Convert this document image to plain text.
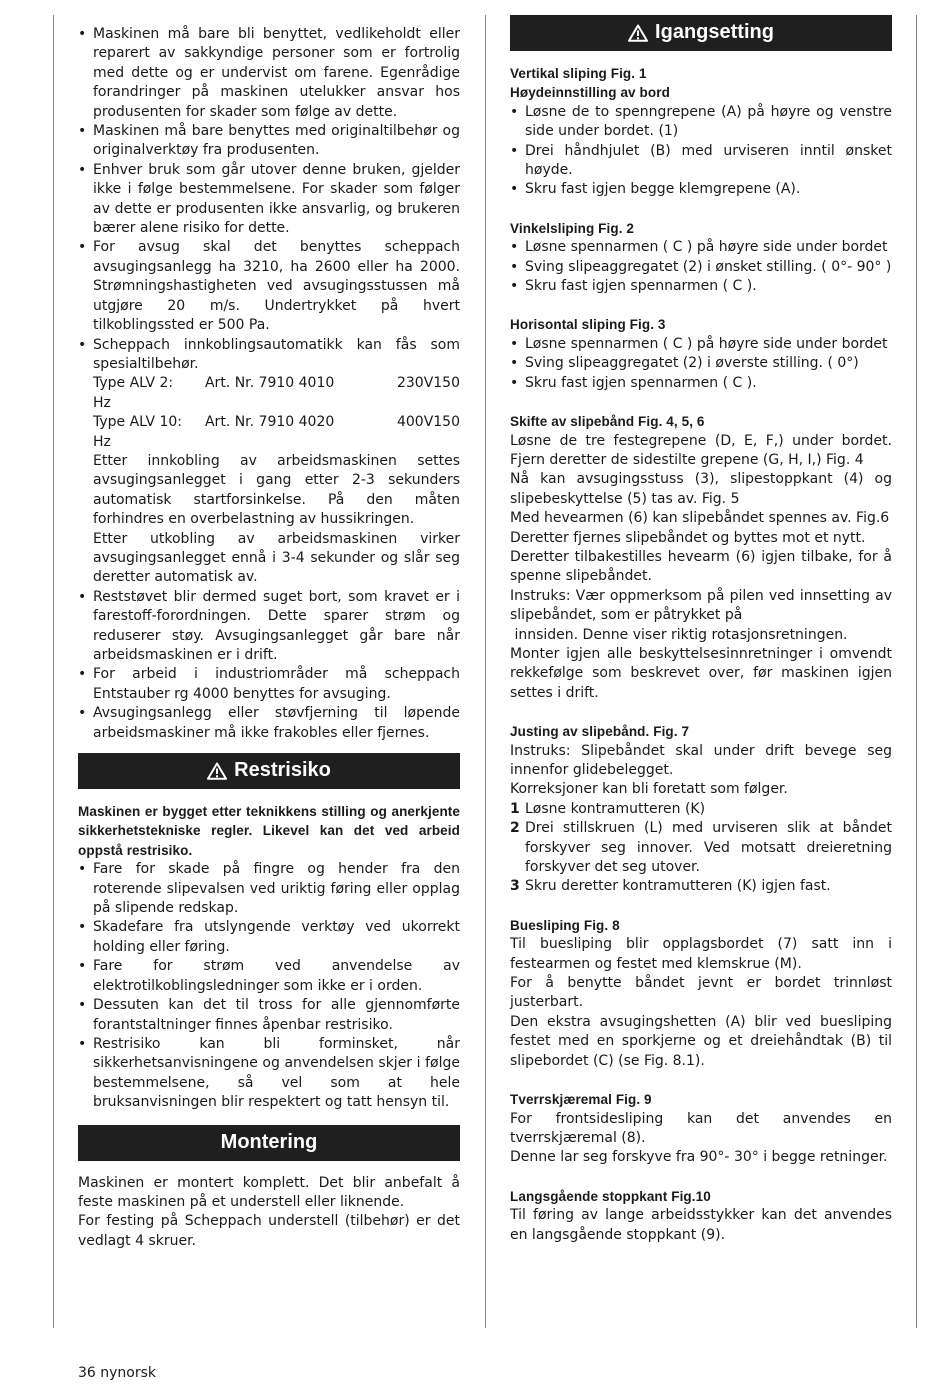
• Maskinen må bare bli benyttet, vedlikeholdt eller reparert av sakkyndige personer som er fortrolig med dette og er undervist om farene. Egenrådige forandringer på maskinen utelukker ansvar hos produsenten for skader som følge av dette.
• Maskinen må bare benyttes med originaltilbehør og originalverktøy fra produsenten.
• Enhver bruk som går utover denne bruken, gjelder ikke i følge bestemmelsene. For skader som følger av dette er produsenten ikke ansvarlig, og brukeren bærer alene risiko for dette.
• For avsug skal det benyttes scheppach avsugingsanlegg ha 3210, ha 2600 eller ha 2000. Strømningshastigheten ved avsugingsstussen må utgjøre 20 m/s. Undertrykket på hvert tilkoblingssted er 500 Pa.
• Scheppach innkoblingsautomatikk kan fås som spesialtilbehør.
Type ALV 2:	Art. Nr. 7910 4010	230V150
Hz
Type ALV 10:	Art. Nr. 7910 4020	400V150
Hz
Etter innkobling av arbeidsmaskinen settes avsugingsanlegget i gang etter 2-3 sekunders automatisk startforsinkelse. På den måten forhindres en overbelastning av hussikringen.
Etter utkobling av arbeidsmaskinen virker avsugingsanlegget ennå i 3-4 sekunder og slår seg deretter automatisk av.
• Reststøvet blir dermed suget bort, som kravet er i farestoff-forordningen. Dette sparer strøm og reduserer støy. Avsugingsanlegget går bare når arbeidsmaskinen er i drift.
• For arbeid i industriområder må scheppach Entstauber rg 4000 benyttes for avsuging.
• Avsugingsanlegg eller støvfjerning til løpende arbeidsmaskiner må ikke frakobles eller fjernes.
Restrisiko
Maskinen er bygget etter teknikkens stilling og anerkjente sikkerhetstekniske regler. Likevel kan det ved arbeid oppstå restrisiko.
• Fare for skade på fingre og hender fra den roterende slipevalsen ved uriktig føring eller opplag på slipende redskap.
• Skadefare fra utslyngende verktøy ved ukorrekt holding eller føring.
• Fare for strøm ved anvendelse av elektrotilkoblingsledninger som ikke er i orden.
• Dessuten kan det til tross for alle gjennomførte forantstaltninger finnes åpenbar restrisiko.
• Restrisiko kan bli forminsket, når sikkerhetsanvisningene og anvendelsen skjer i følge bestemmelsene, så vel som at hele bruksanvisningen blir respektert og tatt hensyn til.
Montering
Maskinen er montert komplett. Det blir anbefalt å feste maskinen på et understell eller liknende.
For festing på Scheppach understell (tilbehør) er det vedlagt 4 skruer.
Igangsetting
Vertikal sliping Fig. 1
Høydeinnstilling av bord
• Løsne de to spenngrepene (A) på høyre og venstre side under bordet. (1)
• Drei håndhjulet (B) med urviseren inntil ønsket høyde.
• Skru fast igjen begge klemgrepene (A).
Vinkelsliping Fig. 2
• Løsne spennarmen ( C ) på høyre side under bordet
• Sving slipeaggregatet (2) i ønsket stilling. ( 0°- 90° )
• Skru fast igjen spennarmen ( C ).
Horisontal sliping Fig. 3
• Løsne spennarmen ( C ) på høyre side under bordet
• Sving slipeaggregatet (2) i øverste stilling. ( 0°)
• Skru fast igjen spennarmen ( C ).
Skifte av slipebånd Fig. 4, 5, 6
Løsne de tre festegrepene (D, E, F,) under bordet. Fjern deretter de sidestilte grepene (G, H, I,) Fig. 4
Nå kan avsugingsstuss (3), slipestoppkant (4) og slipebeskyttelse (5) tas av. Fig. 5
Med hevearmen (6) kan slipebåndet spennes av. Fig.6
Deretter fjernes slipebåndet og byttes mot et nytt.
Deretter tilbakestilles hevearm (6) igjen tilbake, for å spenne slipebåndet.
Instruks: Vær oppmerksom på pilen ved innsetting av slipebåndet, som er påtrykket på
innsiden. Denne viser riktig rotasjonsretningen.
Monter igjen alle beskyttelsesinnretninger i omvendt rekkefølge som beskrevet over, før maskinen igjen settes i drift.
Justing av slipebånd. Fig. 7
Instruks: Slipebåndet skal under drift bevege seg innenfor glidebelegget.
Korreksjoner kan bli foretatt som følger.
1 Løsne kontramutteren (K)
2 Drei stillskruen (L) med urviseren slik at båndet forskyver seg innover. Ved motsatt dreieretning forskyver det seg utover.
3 Skru deretter kontramutteren (K) igjen fast.
Buesliping Fig. 8
Til buesliping blir opplagsbordet (7) satt inn i festearmen og festet med klemskrue (M).
For å benytte båndet jevnt er bordet trinnløst justerbart.
Den ekstra avsugingshetten (A) blir ved buesliping festet med en sporkjerne og et dreiehåndtak (B) til slipebordet (C) (se Fig. 8.1).
Tverrskjæremal Fig. 9
For frontsidesliping kan det anvendes en tverrskjæremal (8).
Denne lar seg forskyve fra 90°- 30° i begge retninger.
Langsgående stoppkant Fig.10
Til føring av lange arbeidsstykker kan det anvendes en langsgående stoppkant (9).
36 nynorsk
